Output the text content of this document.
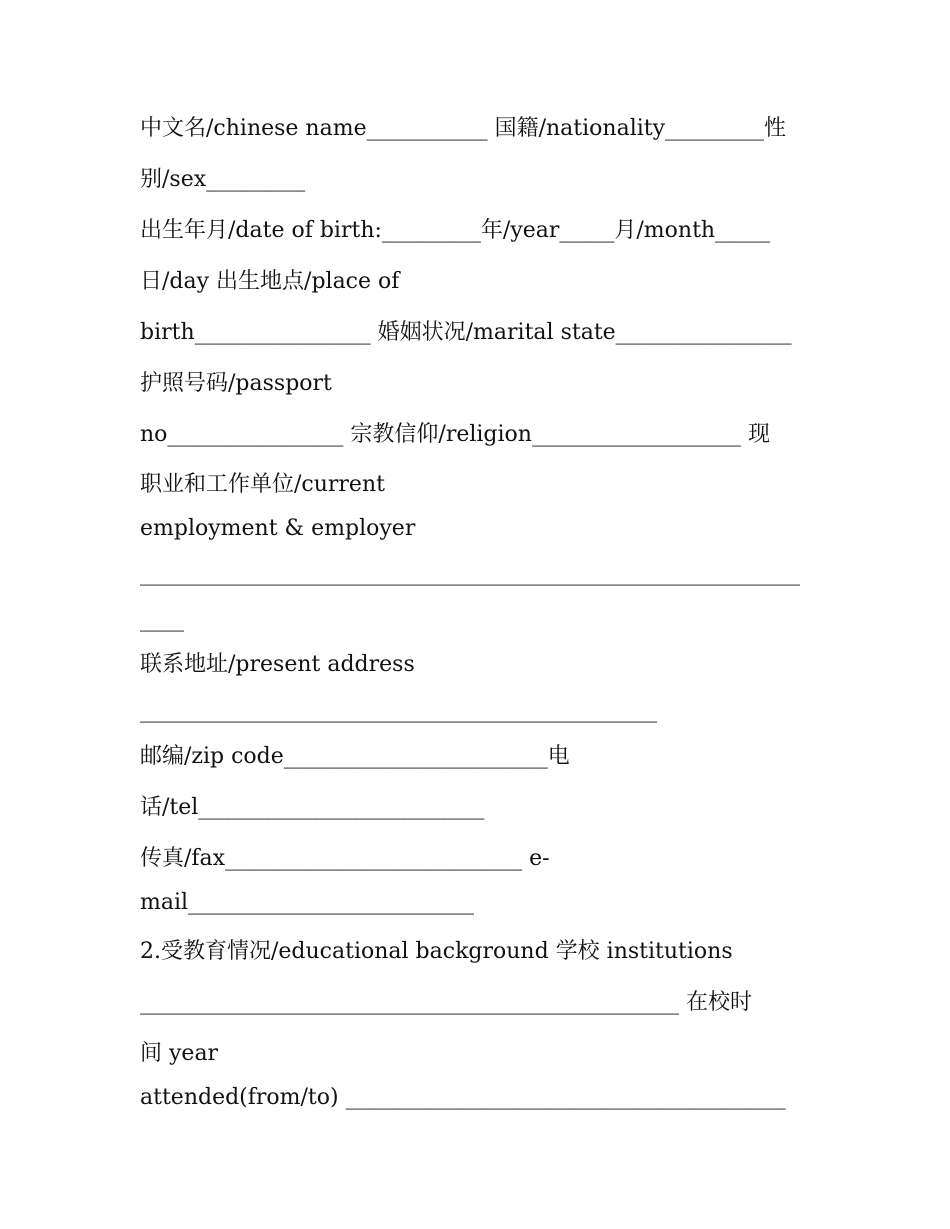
中文名/chinese name___________ 国籍/nationality_________性
别/sex_________
出生年月/date of birth:_________年/year_____月/month_____
日/day 出生地点/place of
birth________________ 婚姻状况/marital state________________
护照号码/passport
no________________ 宗教信仰/religion___________________ 现
职业和工作单位/current
employment & employer
____________________________________________________________
____
联系地址/present address
_______________________________________________
邮编/zip code________________________电
话/tel__________________________
传真/fax___________________________ e-
mail__________________________
2.受教育情况/educational background 学校 institutions
_________________________________________________ 在校时
间 year
attended(from/to) ________________________________________
